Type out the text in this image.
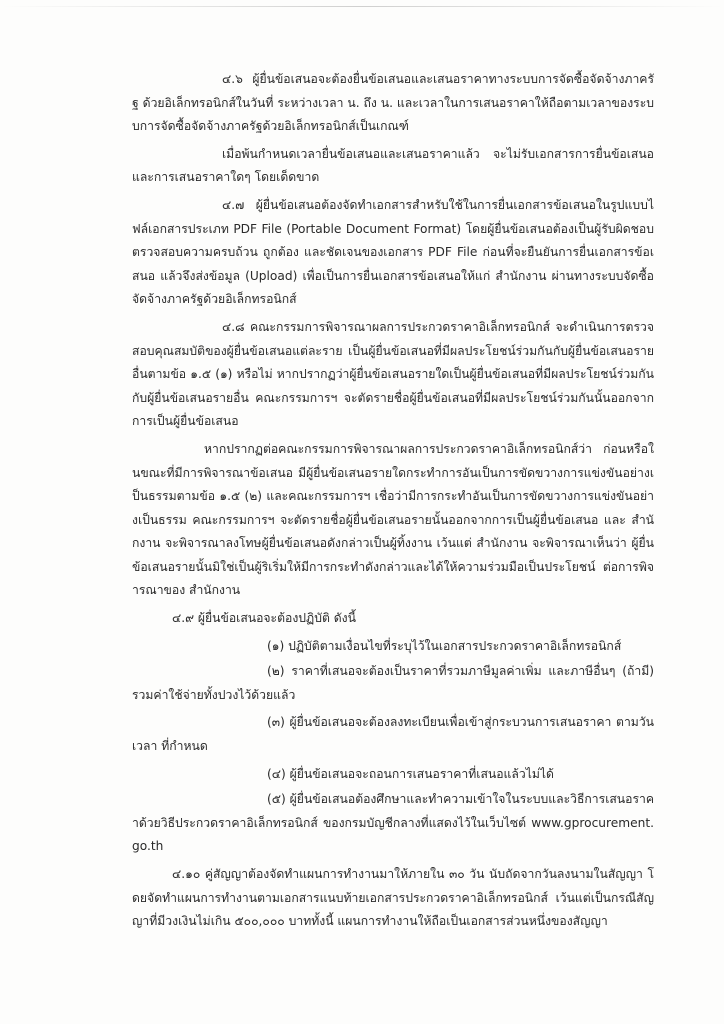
๔.๖ ผู้ยื่นข้อเสนอจะต้องยื่นข้อเสนอและเสนอราคาทางระบบการจัดซื้อจัดจ้างภาครัฐ ด้วยอิเล็กทรอนิกส์ในวันที่ ระหว่างเวลา น. ถึง น. และเวลาในการเสนอราคาให้ถือตามเวลาของระบบการจัดซื้อจัดจ้างภาครัฐด้วยอิเล็กทรอนิกส์เป็นเกณฑ์

เมื่อพ้นกำหนดเวลายื่นข้อเสนอและเสนอราคาแล้ว จะไม่รับเอกสารการยื่นข้อเสนอ และการเสนอราคาใดๆ โดยเด็ดขาด

๔.๗ ผู้ยื่นข้อเสนอต้องจัดทำเอกสารสำหรับใช้ในการยื่นเอกสารข้อเสนอในรูปแบบไฟล์เอกสารประเภท PDF File (Portable Document Format) โดยผู้ยื่นข้อเสนอต้องเป็นผู้รับผิดชอบตรวจสอบความครบถ้วน ถูกต้อง และชัดเจนของเอกสาร PDF File ก่อนที่จะยืนยันการยื่นเอกสารข้อเสนอ แล้วจึงส่งข้อมูล (Upload) เพื่อเป็นการยื่นเอกสารข้อเสนอให้แก่ สำนักงาน ผ่านทางระบบจัดซื้อจัดจ้างภาครัฐด้วยอิเล็กทรอนิกส์

๔.๘ คณะกรรมการพิจารณาผลการประกวดราคาอิเล็กทรอนิกส์ จะดำเนินการตรวจสอบคุณสมบัติของผู้ยื่นข้อเสนอแต่ละราย เป็นผู้ยื่นข้อเสนอที่มีผลประโยชน์ร่วมกันกับผู้ยื่นข้อเสนอรายอื่นตามข้อ ๑.๕ (๑) หรือไม่ หากปรากฏว่าผู้ยื่นข้อเสนอรายใดเป็นผู้ยื่นข้อเสนอที่มีผลประโยชน์ร่วมกันกับผู้ยื่นข้อเสนอรายอื่น คณะกรรมการฯ จะตัดรายชื่อผู้ยื่นข้อเสนอที่มีผลประโยชน์ร่วมกันนั้นออกจากการเป็นผู้ยื่นข้อเสนอ

หากปรากฏต่อคณะกรรมการพิจารณาผลการประกวดราคาอิเล็กทรอนิกส์ว่า ก่อนหรือในขณะที่มีการพิจารณาข้อเสนอ มีผู้ยื่นข้อเสนอรายใดกระทำการอันเป็นการขัดขวางการแข่งขันอย่างเป็นธรรมตามข้อ ๑.๕ (๒) และคณะกรรมการฯ เชื่อว่ามีการกระทำอันเป็นการขัดขวางการแข่งขันอย่างเป็นธรรม คณะกรรมการฯ จะตัดรายชื่อผู้ยื่นข้อเสนอรายนั้นออกจากการเป็นผู้ยื่นข้อเสนอ และ สำนักงาน จะพิจารณาลงโทษผู้ยื่นข้อเสนอดังกล่าวเป็นผู้ทิ้งงาน เว้นแต่ สำนักงาน จะพิจารณาเห็นว่า ผู้ยื่นข้อเสนอรายนั้นมิใช่เป็นผู้ริเริ่มให้มีการกระทำดังกล่าวและได้ให้ความร่วมมือเป็นประโยชน์ ต่อการพิจารณาของ สำนักงาน

๔.๙ ผู้ยื่นข้อเสนอจะต้องปฏิบัติ ดังนี้

(๑) ปฏิบัติตามเงื่อนไขที่ระบุไว้ในเอกสารประกวดราคาอิเล็กทรอนิกส์

(๒) ราคาที่เสนอจะต้องเป็นราคาที่รวมภาษีมูลค่าเพิ่ม และภาษีอื่นๆ (ถ้ามี) รวมค่าใช้จ่ายทั้งปวงไว้ด้วยแล้ว

(๓) ผู้ยื่นข้อเสนอจะต้องลงทะเบียนเพื่อเข้าสู่กระบวนการเสนอราคา ตามวัน เวลา ที่กำหนด

(๔) ผู้ยื่นข้อเสนอจะถอนการเสนอราคาที่เสนอแล้วไม่ได้

(๕) ผู้ยื่นข้อเสนอต้องศึกษาและทำความเข้าใจในระบบและวิธีการเสนอราคาด้วยวิธีประกวดราคาอิเล็กทรอนิกส์ ของกรมบัญชีกลางที่แสดงไว้ในเว็บไซต์ www.gprocurement.go.th

๔.๑๐ คู่สัญญาต้องจัดทำแผนการทำงานมาให้ภายใน ๓๐ วัน นับถัดจากวันลงนามในสัญญา โดยจัดทำแผนการทำงานตามเอกสารแนบท้ายเอกสารประกวดราคาอิเล็กทรอนิกส์ เว้นแต่เป็นกรณีสัญญาที่มีวงเงินไม่เกิน ๕๐๐,๐๐๐ บาททั้งนี้ แผนการทำงานให้ถือเป็นเอกสารส่วนหนึ่งของสัญญา
